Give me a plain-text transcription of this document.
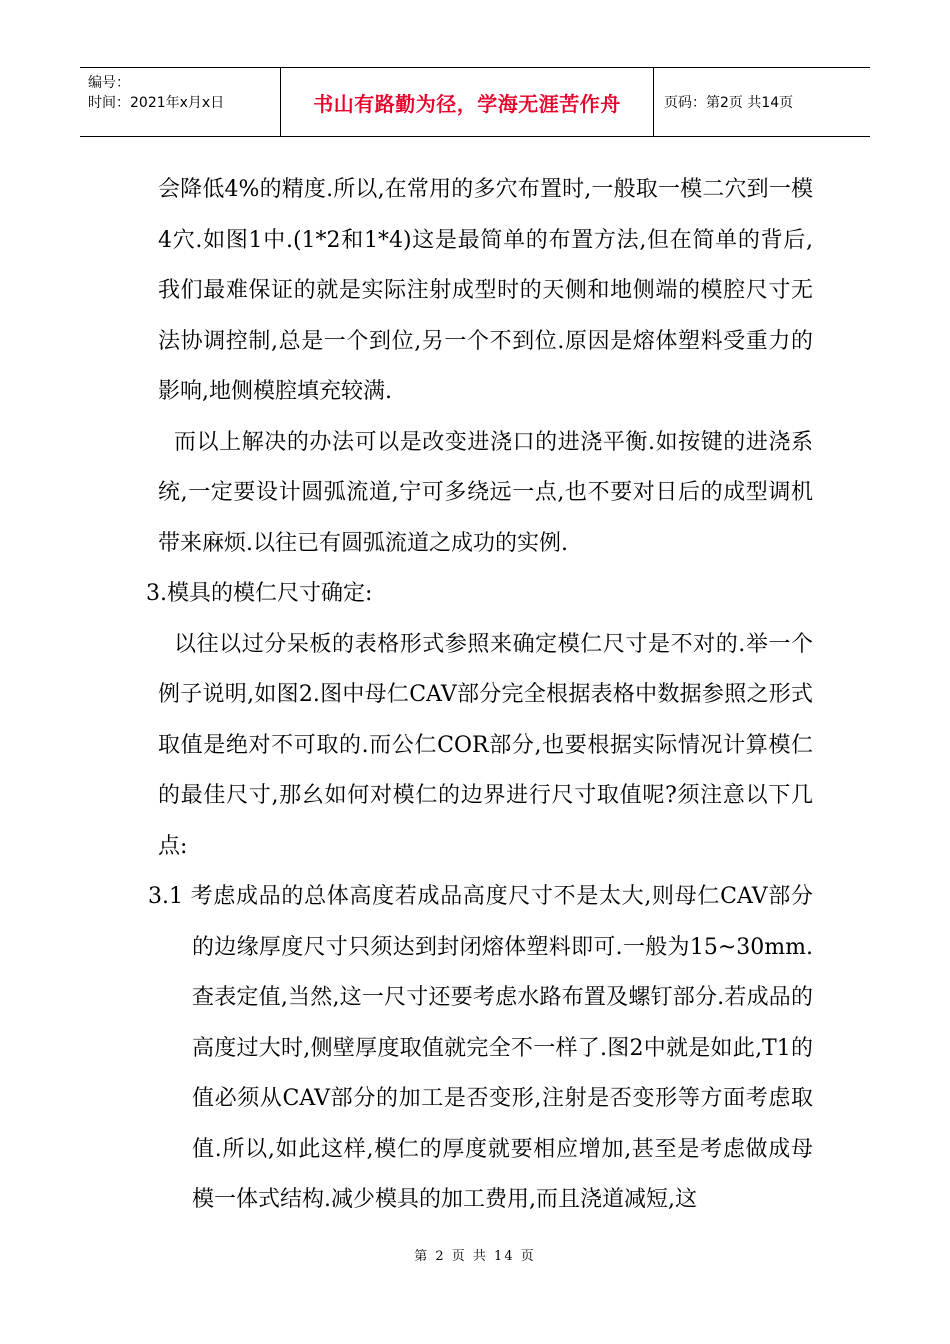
编号：
时间：2021年x月x日	书山有路勤为径，学海无涯苦作舟	页码：第2页 共14页

会降低4%的精度.所以,在常用的多穴布置时,一般取一模二穴到一模4穴.如图1中.(1*2和1*4)这是最简单的布置方法,但在简单的背后,我们最难保证的就是实际注射成型时的天侧和地侧端的模腔尺寸无法协调控制,总是一个到位,另一个不到位.原因是熔体塑料受重力的影响,地侧模腔填充较满.

而以上解决的办法可以是改变进浇口的进浇平衡.如按键的进浇系统,一定要设计圆弧流道,宁可多绕远一点,也不要对日后的成型调机带来麻烦.以往已有圆弧流道之成功的实例.

3.模具的模仁尺寸确定:

以往以过分呆板的表格形式参照来确定模仁尺寸是不对的.举一个例子说明,如图2.图中母仁CAV部分完全根据表格中数据参照之形式取值是绝对不可取的.而公仁COR部分,也要根据实际情况计算模仁的最佳尺寸,那幺如何对模仁的边界进行尺寸取值呢?须注意以下几点:

3.1 考虑成品的总体高度若成品高度尺寸不是太大,则母仁CAV部分的边缘厚度尺寸只须达到封闭熔体塑料即可.一般为15~30mm.查表定值,当然,这一尺寸还要考虑水路布置及螺钉部分.若成品的高度过大时,侧壁厚度取值就完全不一样了.图2中就是如此,T1的值必须从CAV部分的加工是否变形,注射是否变形等方面考虑取值.所以,如此这样,模仁的厚度就要相应增加,甚至是考虑做成母模一体式结构.减少模具的加工费用,而且浇道减短,这

第 2 页 共 14 页
